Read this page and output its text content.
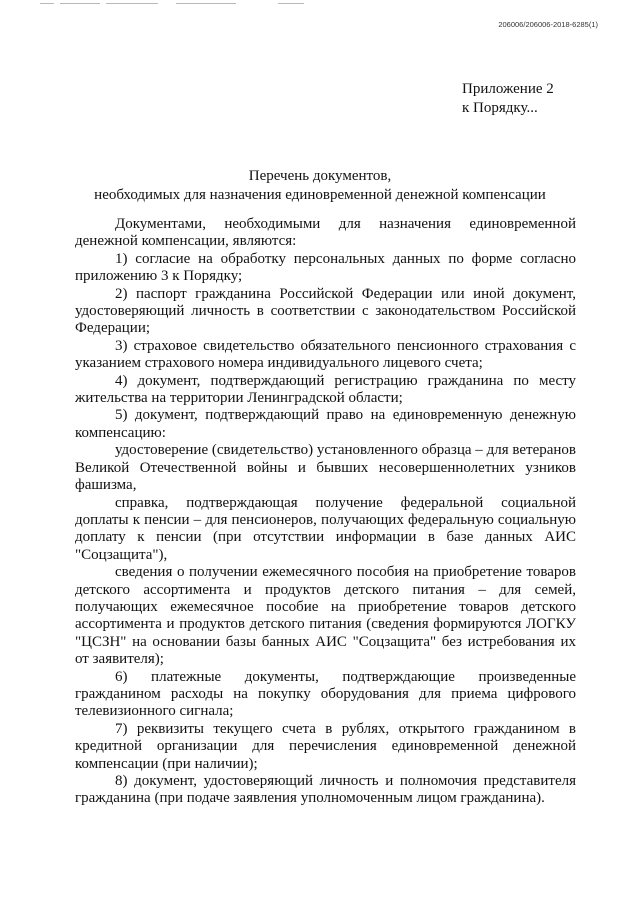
206006/206006-2018-6285(1)
Приложение 2
к Порядку...
Перечень документов,
необходимых для назначения единовременной денежной компенсации

Документами, необходимыми для назначения единовременной денежной компенсации, являются:

1) согласие на обработку персональных данных по форме согласно приложению 3 к Порядку;

2) паспорт гражданина Российской Федерации или иной документ, удостоверяющий личность в соответствии с законодательством Российской Федерации;

3) страховое свидетельство обязательного пенсионного страхования с указанием страхового номера индивидуального лицевого счета;

4) документ, подтверждающий регистрацию гражданина по месту жительства на территории Ленинградской области;

5) документ, подтверждающий право на единовременную денежную компенсацию:

удостоверение (свидетельство) установленного образца – для ветеранов Великой Отечественной войны и бывших несовершеннолетних узников фашизма,

справка, подтверждающая получение федеральной социальной доплаты к пенсии – для пенсионеров, получающих федеральную социальную доплату к пенсии (при отсутствии информации в базе данных АИС "Соцзащита"),

сведения о получении ежемесячного пособия на приобретение товаров детского ассортимента и продуктов детского питания – для семей, получающих ежемесячное пособие на приобретение товаров детского ассортимента и продуктов детского питания (сведения формируются ЛОГКУ "ЦСЗН" на основании базы банных АИС "Соцзащита" без истребования их от заявителя);

6) платежные документы, подтверждающие произведенные гражданином расходы на покупку оборудования для приема цифрового телевизионного сигнала;

7) реквизиты текущего счета в рублях, открытого гражданином в кредитной организации для перечисления единовременной денежной компенсации (при наличии);

8) документ, удостоверяющий личность и полномочия представителя гражданина (при подаче заявления уполномоченным лицом гражданина).
